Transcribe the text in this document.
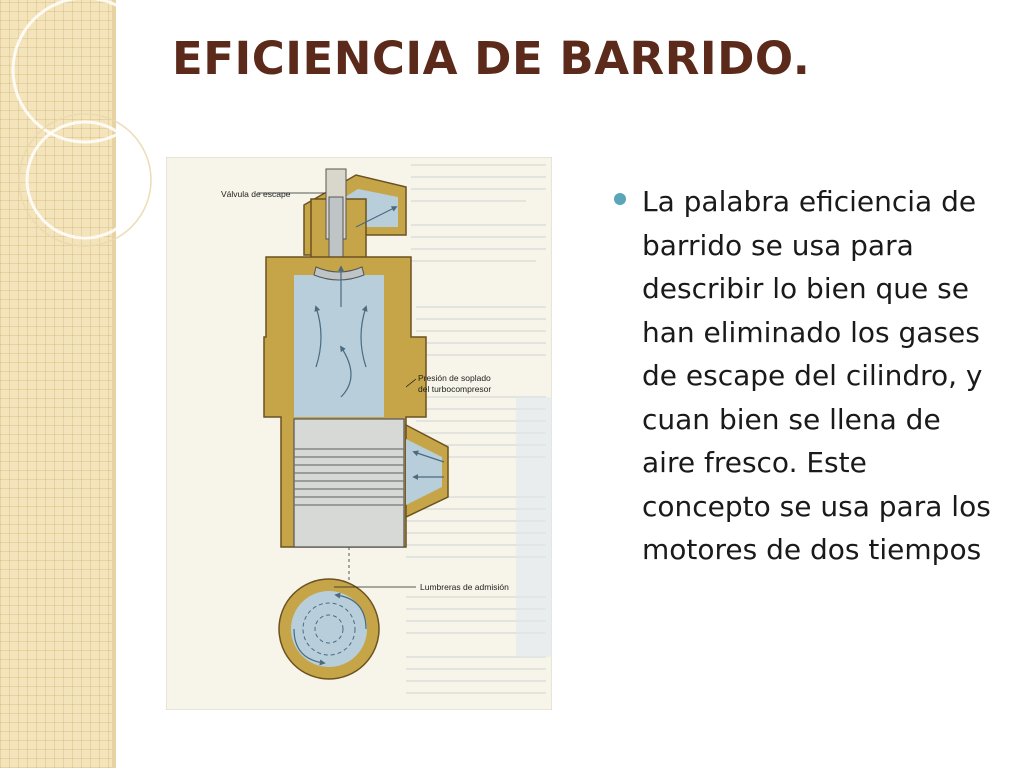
EFICIENCIA DE BARRIDO.
Válvula de escape
Presión de soplado
del turbocompresor
Lumbreras de admisión
La palabra eficiencia de barrido se usa para describir lo bien que se han eliminado los gases de escape del cilindro, y cuan bien se llena de aire fresco. Este concepto se usa para los motores de dos tiempos
